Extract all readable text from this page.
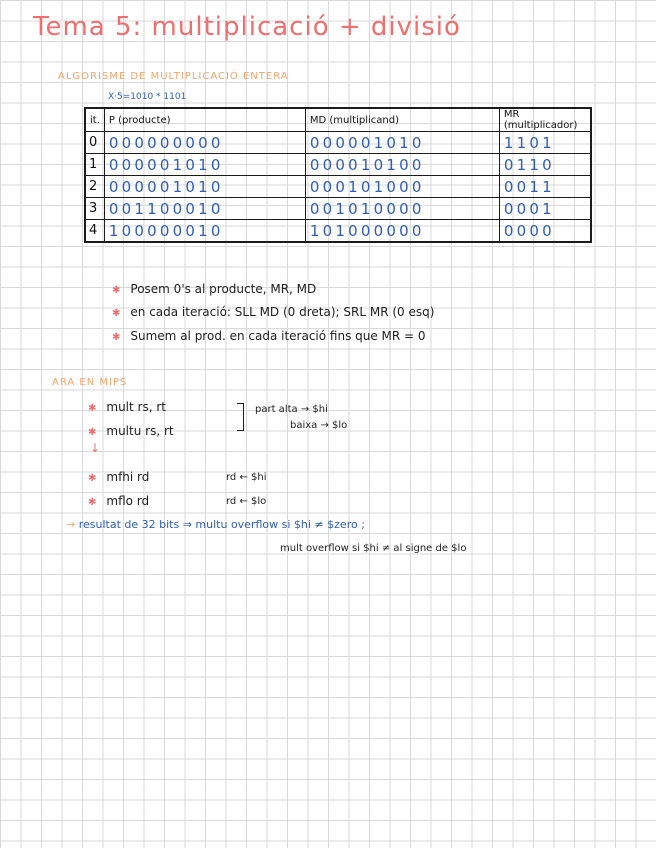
Tema 5: multiplicació + divisió
ALGORISME DE MULTIPLICACIÓ ENTERA
X·5=1010 * 1101
it.	P (producte)	MD (multiplicand)	MR (multiplicador)
0	000000000	000001010	1101
1	000001010	000010100	0110
2	000001010	000101000	0011
3	001100010	001010000	0001
4	100000010	101000000	0000
✱ Posem 0's al producte, MR, MD
✱ en cada iteració: SLL MD (0 dreta); SRL MR (0 esq)
✱ Sumem al prod. en cada iteració fins que MR = 0
ARA EN MIPS
✱ mult rs, rt
✱ multu rs, rt
part alta → $hi
baixa → $lo
↓
✱ mfhi rd	rd ← $hi
✱ mflo rd	rd ← $lo
→ resultat de 32 bits ⇒ multu overflow si $hi ≠ $zero ;
mult overflow si $hi ≠ al signe de $lo
